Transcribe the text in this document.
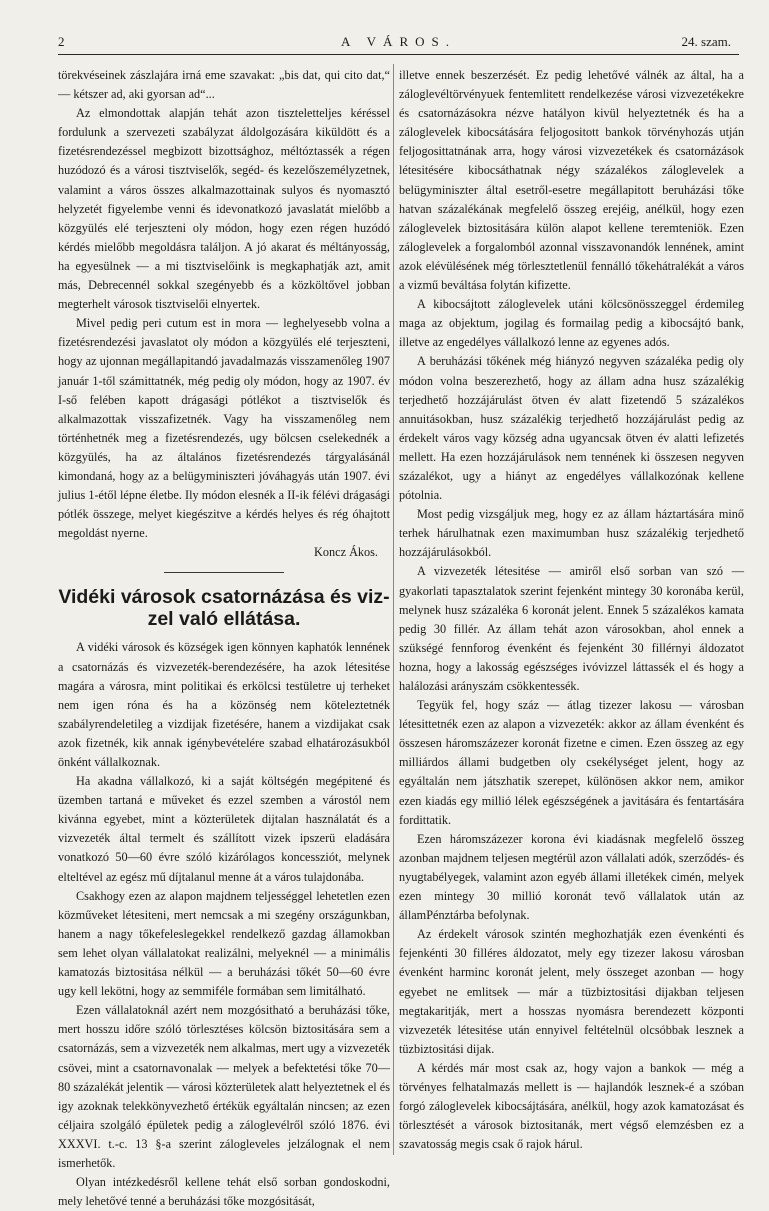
2	A VÁROS.	24. szam.

törekvéseinek zászlajára irná eme szavakat: „bis dat, qui cito dat,“ — kétszer ad, aki gyorsan ad“...

Az elmondottak alapján tehát azon tiszteletteljes kéréssel fordulunk a szervezeti szabályzat áldolgozására kiküldött és a fizetésrendezéssel megbizott bizottsághoz, méltóztassék a régen huzódozó és a városi tisztviselők, segéd- és kezelőszemélyzetnek, valamint a város összes alkalmazottainak sulyos és nyomasztó helyzetét figyelembe venni és idevonatkozó javaslatát mielőbb a közgyülés elé terjeszteni oly módon, hogy ezen régen huzódó kérdés mielőbb megoldásra találjon. A jó akarat és méltányosság, ha egyesülnek — a mi tisztviselőink is megkaphatják azt, amit más, Debrecennél sokkal szegényebb és a közköltővel jobban megterhelt városok tisztviselői elnyertek.

Mivel pedig peri cutum est in mora — leghelyesebb volna a fizetésrendezési javaslatot oly módon a közgyülés elé terjeszteni, hogy az ujonnan megállapitandó javadalmazás visszamenőleg 1907 január 1-től számittatnék, még pedig oly módon, hogy az 1907. év I-ső felében kapott drágasági pótlékot a tisztviselők és alkalmazottak visszafizetnék. Vagy ha visszamenőleg nem történhetnék meg a fizetésrendezés, ugy bölcsen cselekednék a közgyülés, ha az általános fizetésrendezés tárgyalásánál kimondaná, hogy az a belügyminiszteri jóváhagyás után 1907. évi julius 1-étől lépne életbe. Ily módon elesnék a II-ik félévi drágasági pótlék összege, melyet kiegészitve a kérdés helyes és rég óhajtott megoldást nyerne.

Koncz Ákos.
Vidéki városok csatornázása és viz-
zel való ellátása.

A vidéki városok és községek igen könnyen kaphatók lennének a csatornázás és vizvezeték-berendezésére, ha azok létesitése magára a városra, mint politikai és erkölcsi testületre uj terheket nem igen róna és ha a közönség nem köteleztetnék szabályrendeletileg a vizdijak fizetésére, hanem a vizdijakat csak azok fizetnék, kik annak igénybevételére szabad elhatározásukból önként vállalkoznak.

Ha akadna vállalkozó, ki a saját költségén megépitené és üzemben tartaná e műveket és ezzel szemben a várostól nem kivánna egyebet, mint a közterületek dijtalan használatát és a vizvezeték által termelt és szállított vizek ipszerü eladására vonatkozó 50—60 évre szóló kizárólagos koncessziót, melynek elteltével az egész mű díjtalanul menne át a város tulajdonába.

Csakhogy ezen az alapon majdnem teljességgel lehetetlen ezen közműveket létesiteni, mert nemcsak a mi szegény országunkban, hanem a nagy tőkefeleslegekkel rendelkező gazdag államokban sem lehet olyan vállalatokat realizálni, melyeknél — a minimális kamatozás biztositása nélkül — a beruházási tőkét 50—60 évre ugy kell lekötni, hogy az semmiféle formában sem limitálható.

Ezen vállalatoknál azért nem mozgósitható a beruházási tőke, mert hosszu időre szóló törlesztéses kölcsön biztositására sem a csatornázás, sem a vizvezeték nem alkalmas, mert ugy a vizvezeték csövei, mint a csatornavonalak — melyek a befektetési tőke 70—80 százalékát jelentik — városi közterületek alatt helyeztetnek el és igy azoknak telekkönyvezhető értékük egyáltalán nincsen; az ezen céljaira szolgáló épületek pedig a záloglevélről szóló 1876. évi XXXVI. t.-c. 13 §-a szerint zálogleveles jelzálognak el nem ismerhetők.

Olyan intézkedésről kellene tehát első sorban gondoskodni, mely lehetővé tenné a beruházási tőke mozgósitását,

illetve ennek beszerzését. Ez pedig lehetővé válnék az által, ha a záloglevéltörvényuek fentemlitett rendelkezése városi vizvezetékekre és csatornázásokra nézve hatályon kivül helyeztetnék és ha a záloglevelek kibocsátására feljogositott bankok törvényhozás utján feljogosittatnának arra, hogy városi vizvezetékek és csatornázások létesitésére kibocsáthatnak négy százalékos záloglevelek a belügyminiszter által esetről-esetre megállapitott beruházási tőke hatvan százalékának megfelelő összeg erejéig, anélkül, hogy ezen záloglevelek biztositására külön alapot kellene teremteniök. Ezen záloglevelek a forgalomból azonnal visszavonandók lennének, amint azok elévülésének még törlesztetlenül fennálló tőkehátralékát a város a vizmű beváltása folytán kifizette.

A kibocsájtott záloglevelek utáni kölcsönösszeggel érdemileg maga az objektum, jogilag és formailag pedig a kibocsájtó bank, illetve az engedélyes vállalkozó lenne az egyenes adós.

A beruházási tőkének még hiányzó negyven százaléka pedig oly módon volna beszerezhető, hogy az állam adna husz százalékig terjedhető hozzájárulást ötven év alatt fizetendő 5 százalékos annuitásokban, husz százalékig terjedhető hozzájárulást pedig az érdekelt város vagy község adna ugyancsak ötven év alatti lefizetés mellett. Ha ezen hozzájárulások nem tennének ki összesen negyven százalékot, ugy a hiányt az engedélyes vállalkozónak kellene pótolnia.

Most pedig vizsgáljuk meg, hogy ez az állam háztartására minő terhek hárulhatnak ezen maximumban husz százalékig terjedhető hozzájárulásokból.

A vizvezeték létesitése — amiről első sorban van szó — gyakorlati tapasztalatok szerint fejenként mintegy 30 koronába kerül, melynek husz százaléka 6 koronát jelent. Ennek 5 százalékos kamata pedig 30 fillér. Az állam tehát azon városokban, ahol ennek a szükségé fennforog évenként és fejenként 30 fillérnyi áldozatot hozna, hogy a lakosság egészséges ivóvizzel láttassék el és hogy a halálozási arányszám csökkentessék.

Tegyük fel, hogy száz — átlag tizezer lakosu — városban létesittetnék ezen az alapon a vizvezeték: akkor az állam évenként és összesen háromszázezer koronát fizetne e cimen. Ezen összeg az egy milliárdos állami budgetben oly csekélységet jelent, hogy az egyáltalán nem játszhatik szerepet, különösen akkor nem, amikor ezen kiadás egy millió lélek egészségének a javitására és fentartására fordittatik.

Ezen háromszázezer korona évi kiadásnak megfelelő összeg azonban majdnem teljesen megtérül azon vállalati adók, szerződés- és nyugtabélyegek, valamint azon egyéb állami illetékek cimén, melyek ezen mintegy 30 millió koronát tevő vállalatok után az államPénztárba befolynak.

Az érdekelt városok szintén meghozhatják ezen évenkénti és fejenkénti 30 filléres áldozatot, mely egy tizezer lakosu városban évenként harminc koronát jelent, mely összeget azonban — hogy egyebet ne emlitsek — már a tüzbiztositási dijakban teljesen megtakaritják, mert a hosszas nyomásra berendezett központi vizvezeték létesitése után ennyivel feltételnül olcsóbbak lesznek a tüzbiztositási dijak.

A kérdés már most csak az, hogy vajon a bankok — még a törvényes felhatalmazás mellett is — hajlandók lesznek-é a szóban forgó záloglevelek kibocsájtására, anélkül, hogy azok kamatozásat és törlesztését a városok biztositanák, mert végső elemzésben ez a szavatosság megis csak ő rajok hárul.
